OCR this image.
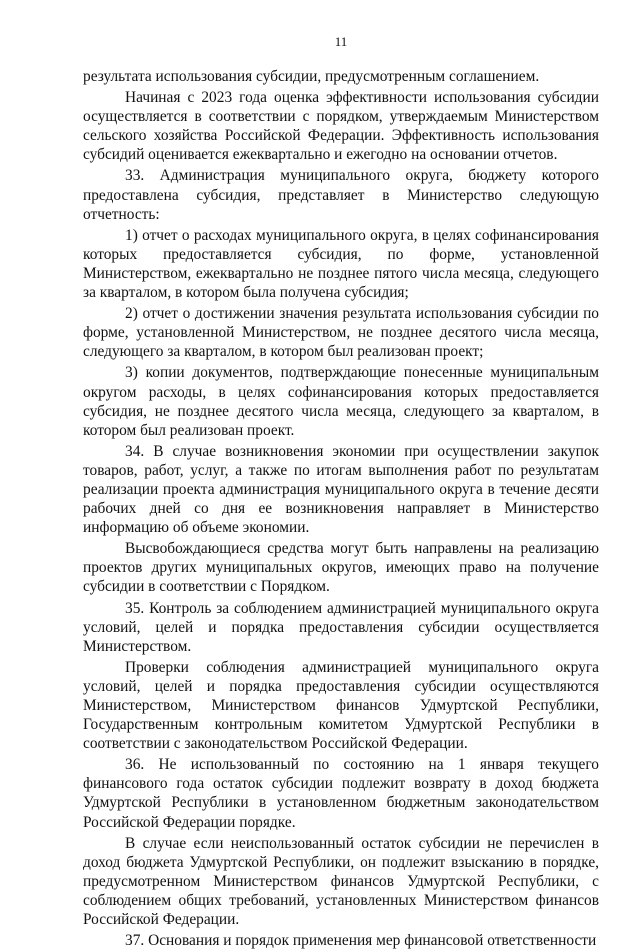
11

результата использования субсидии, предусмотренным соглашением.

Начиная с 2023 года оценка эффективности использования субсидии осуществляется в соответствии с порядком, утверждаемым Министерством сельского хозяйства Российской Федерации. Эффективность использования субсидий оценивается ежеквартально и ежегодно на основании отчетов.

33. Администрация муниципального округа, бюджету которого предоставлена субсидия, представляет в Министерство следующую отчетность:

1) отчет о расходах муниципального округа, в целях софинансирования которых предоставляется субсидия, по форме, установленной Министерством, ежеквартально не позднее пятого числа месяца, следующего за кварталом, в котором была получена субсидия;

2) отчет о достижении значения результата использования субсидии по форме, установленной Министерством, не позднее десятого числа месяца, следующего за кварталом, в котором был реализован проект;

3) копии документов, подтверждающие понесенные муниципальным округом расходы, в целях софинансирования которых предоставляется субсидия, не позднее десятого числа месяца, следующего за кварталом, в котором был реализован проект.

34. В случае возникновения экономии при осуществлении закупок товаров, работ, услуг, а также по итогам выполнения работ по результатам реализации проекта администрация муниципального округа в течение десяти рабочих дней со дня ее возникновения направляет в Министерство информацию об объеме экономии.

Высвобождающиеся средства могут быть направлены на реализацию проектов других муниципальных округов, имеющих право на получение субсидии в соответствии с Порядком.

35. Контроль за соблюдением администрацией муниципального округа условий, целей и порядка предоставления субсидии осуществляется Министерством.

Проверки соблюдения администрацией муниципального округа условий, целей и порядка предоставления субсидии осуществляются Министерством, Министерством финансов Удмуртской Республики, Государственным контрольным комитетом Удмуртской Республики в соответствии с законодательством Российской Федерации.

36. Не использованный по состоянию на 1 января текущего финансового года остаток субсидии подлежит возврату в доход бюджета Удмуртской Республики в установленном бюджетным законодательством Российской Федерации порядке.

В случае если неиспользованный остаток субсидии не перечислен в доход бюджета Удмуртской Республики, он подлежит взысканию в порядке, предусмотренном Министерством финансов Удмуртской Республики, с соблюдением общих требований, установленных Министерством финансов Российской Федерации.

37. Основания и порядок применения мер финансовой ответственности
